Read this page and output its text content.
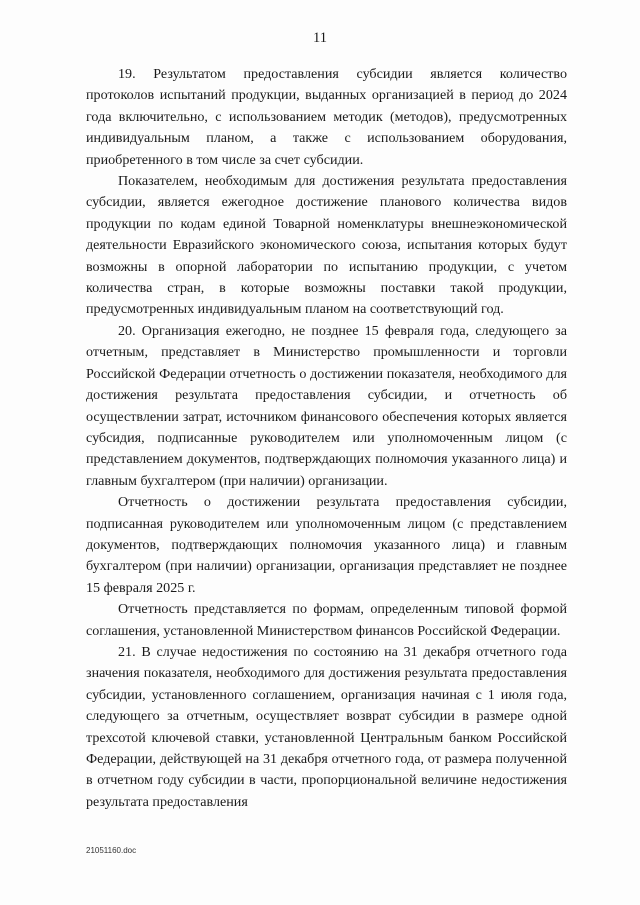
11

19. Результатом предоставления субсидии является количество протоколов испытаний продукции, выданных организацией в период до 2024 года включительно, с использованием методик (методов), предусмотренных индивидуальным планом, а также с использованием оборудования, приобретенного в том числе за счет субсидии.

Показателем, необходимым для достижения результата предоставления субсидии, является ежегодное достижение планового количества видов продукции по кодам единой Товарной номенклатуры внешнеэкономической деятельности Евразийского экономического союза, испытания которых будут возможны в опорной лаборатории по испытанию продукции, с учетом количества стран, в которые возможны поставки такой продукции, предусмотренных индивидуальным планом на соответствующий год.

20. Организация ежегодно, не позднее 15 февраля года, следующего за отчетным, представляет в Министерство промышленности и торговли Российской Федерации отчетность о достижении показателя, необходимого для достижения результата предоставления субсидии, и отчетность об осуществлении затрат, источником финансового обеспечения которых является субсидия, подписанные руководителем или уполномоченным лицом (с представлением документов, подтверждающих полномочия указанного лица) и главным бухгалтером (при наличии) организации.

Отчетность о достижении результата предоставления субсидии, подписанная руководителем или уполномоченным лицом (с представлением документов, подтверждающих полномочия указанного лица) и главным бухгалтером (при наличии) организации, организация представляет не позднее 15 февраля 2025 г.

Отчетность представляется по формам, определенным типовой формой соглашения, установленной Министерством финансов Российской Федерации.

21. В случае недостижения по состоянию на 31 декабря отчетного года значения показателя, необходимого для достижения результата предоставления субсидии, установленного соглашением, организация начиная с 1 июля года, следующего за отчетным, осуществляет возврат субсидии в размере одной трехсотой ключевой ставки, установленной Центральным банком Российской Федерации, действующей на 31 декабря отчетного года, от размера полученной в отчетном году субсидии в части, пропорциональной величине недостижения результата предоставления

21051160.doc
